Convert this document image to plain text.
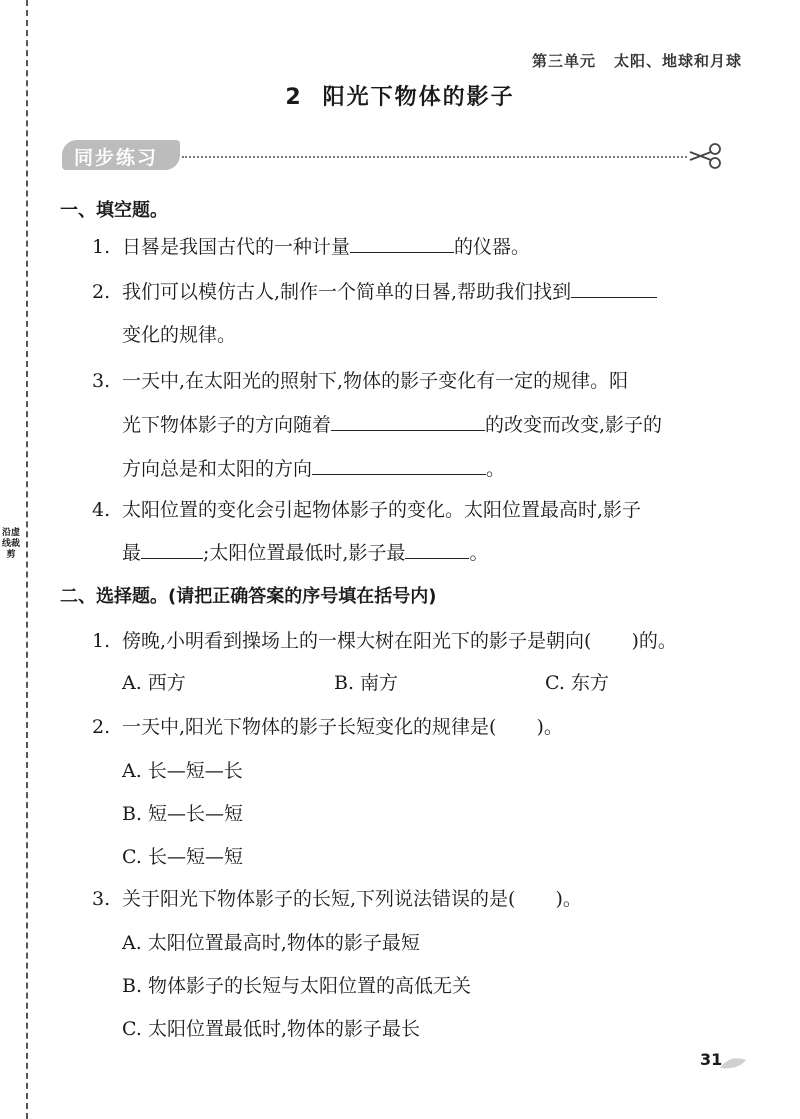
沿虚线裁剪
第三单元 太阳、地球和月球
2 阳光下物体的影子
同步练习
一、填空题。
1. 日晷是我国古代的一种计量	的仪器。
2. 我们可以模仿古人,制作一个简单的日晷,帮助我们找到
变化的规律。
3. 一天中,在太阳光的照射下,物体的影子变化有一定的规律。阳
光下物体影子的方向随着	的改变而改变,影子的
方向总是和太阳的方向	。
4. 太阳位置的变化会引起物体影子的变化。太阳位置最高时,影子
最	;太阳位置最低时,影子最	。
二、选择题。(请把正确答案的序号填在括号内)
1. 傍晚,小明看到操场上的一棵大树在阳光下的影子是朝向( )的。
A. 西方	B. 南方	C. 东方
2. 一天中,阳光下物体的影子长短变化的规律是( )。
A. 长—短—长
B. 短—长—短
C. 长—短—短
3. 关于阳光下物体影子的长短,下列说法错误的是( )。
A. 太阳位置最高时,物体的影子最短
B. 物体影子的长短与太阳位置的高低无关
C. 太阳位置最低时,物体的影子最长
31
